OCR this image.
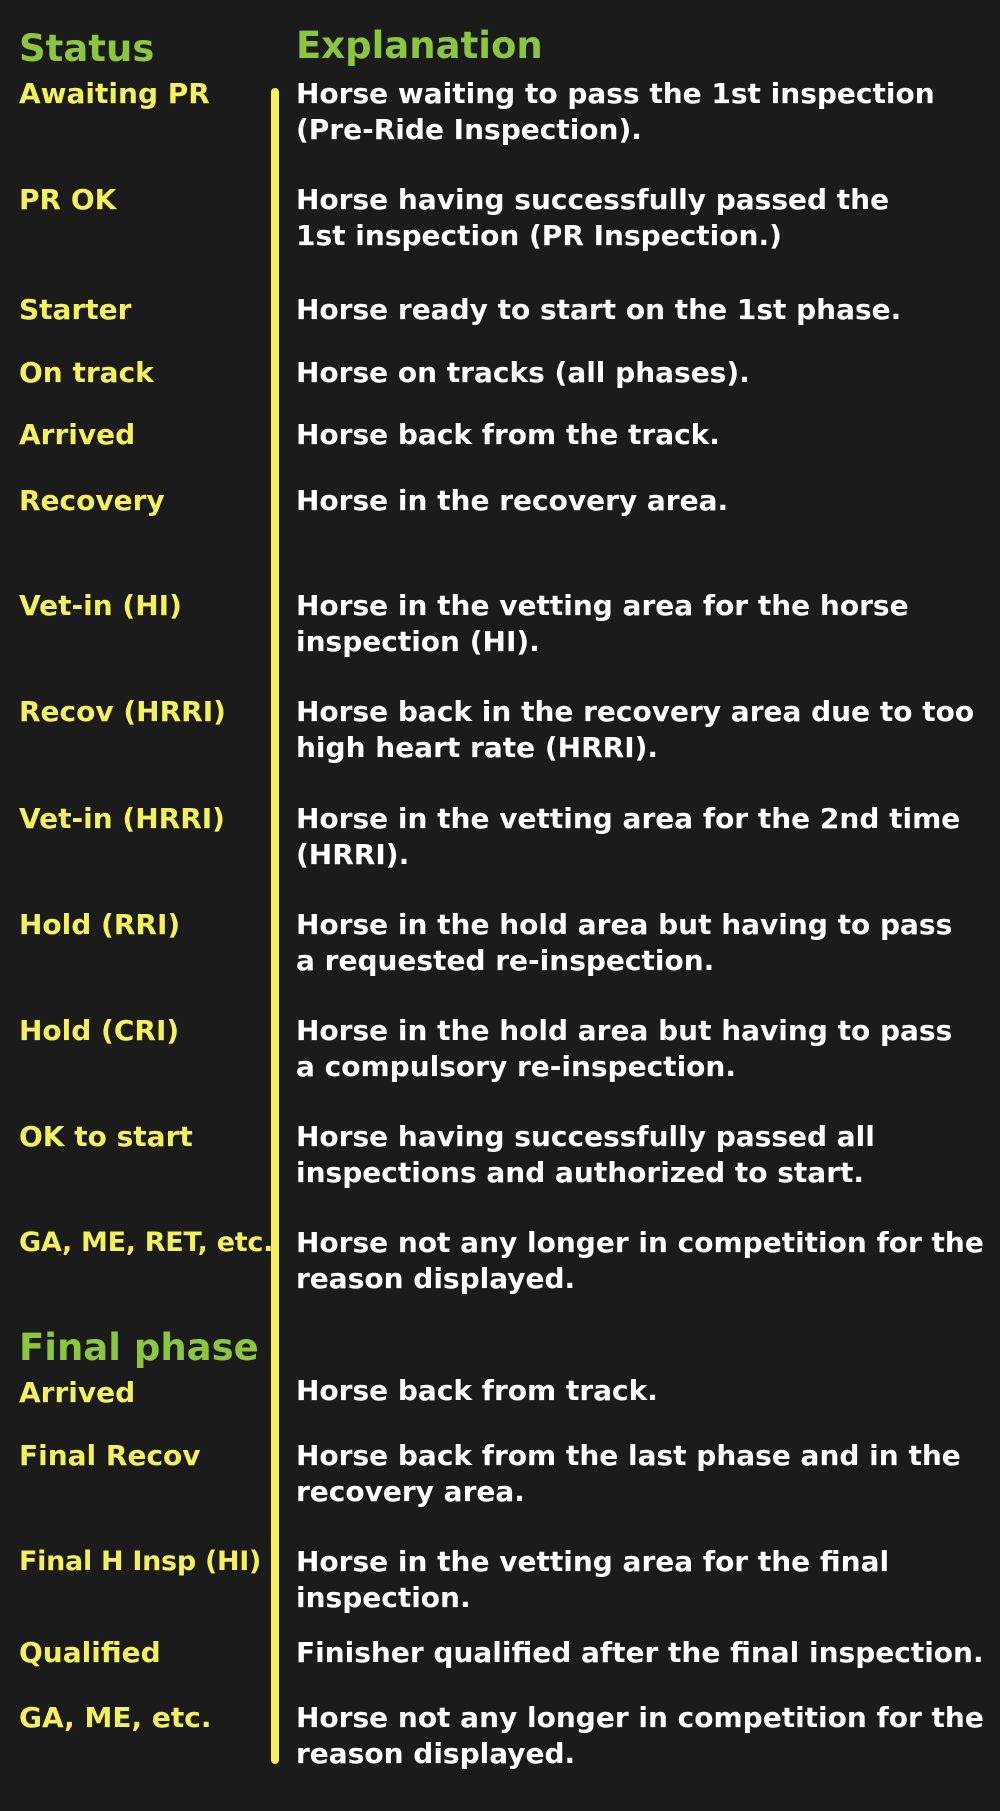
Status	Explanation
Awaiting PR	Horse waiting to pass the 1st inspection
(Pre-Ride Inspection).
PR OK	Horse having successfully passed the
1st inspection (PR Inspection.)
Starter	Horse ready to start on the 1st phase.
On track	Horse on tracks (all phases).
Arrived	Horse back from the track.
Recovery	Horse in the recovery area.
Vet-in (HI)	Horse in the vetting area for the horse
inspection (HI).
Recov (HRRI)	Horse back in the recovery area due to too
high heart rate (HRRI).
Vet-in (HRRI)	Horse in the vetting area for the 2nd time
(HRRI).
Hold (RRI)	Horse in the hold area but having to pass
a requested re-inspection.
Hold (CRI)	Horse in the hold area but having to pass
a compulsory re-inspection.
OK to start	Horse having successfully passed all
inspections and authorized to start.
GA, ME, RET, etc. Horse not any longer in competition for the
reason displayed.
Final phase
Arrived	Horse back from track.
Final Recov	Horse back from the last phase and in the
recovery area.
Final H Insp (HI) Horse in the vetting area for the final
inspection.
Qualified	Finisher qualified after the final inspection.
GA, ME, etc.	Horse not any longer in competition for the
reason displayed.
